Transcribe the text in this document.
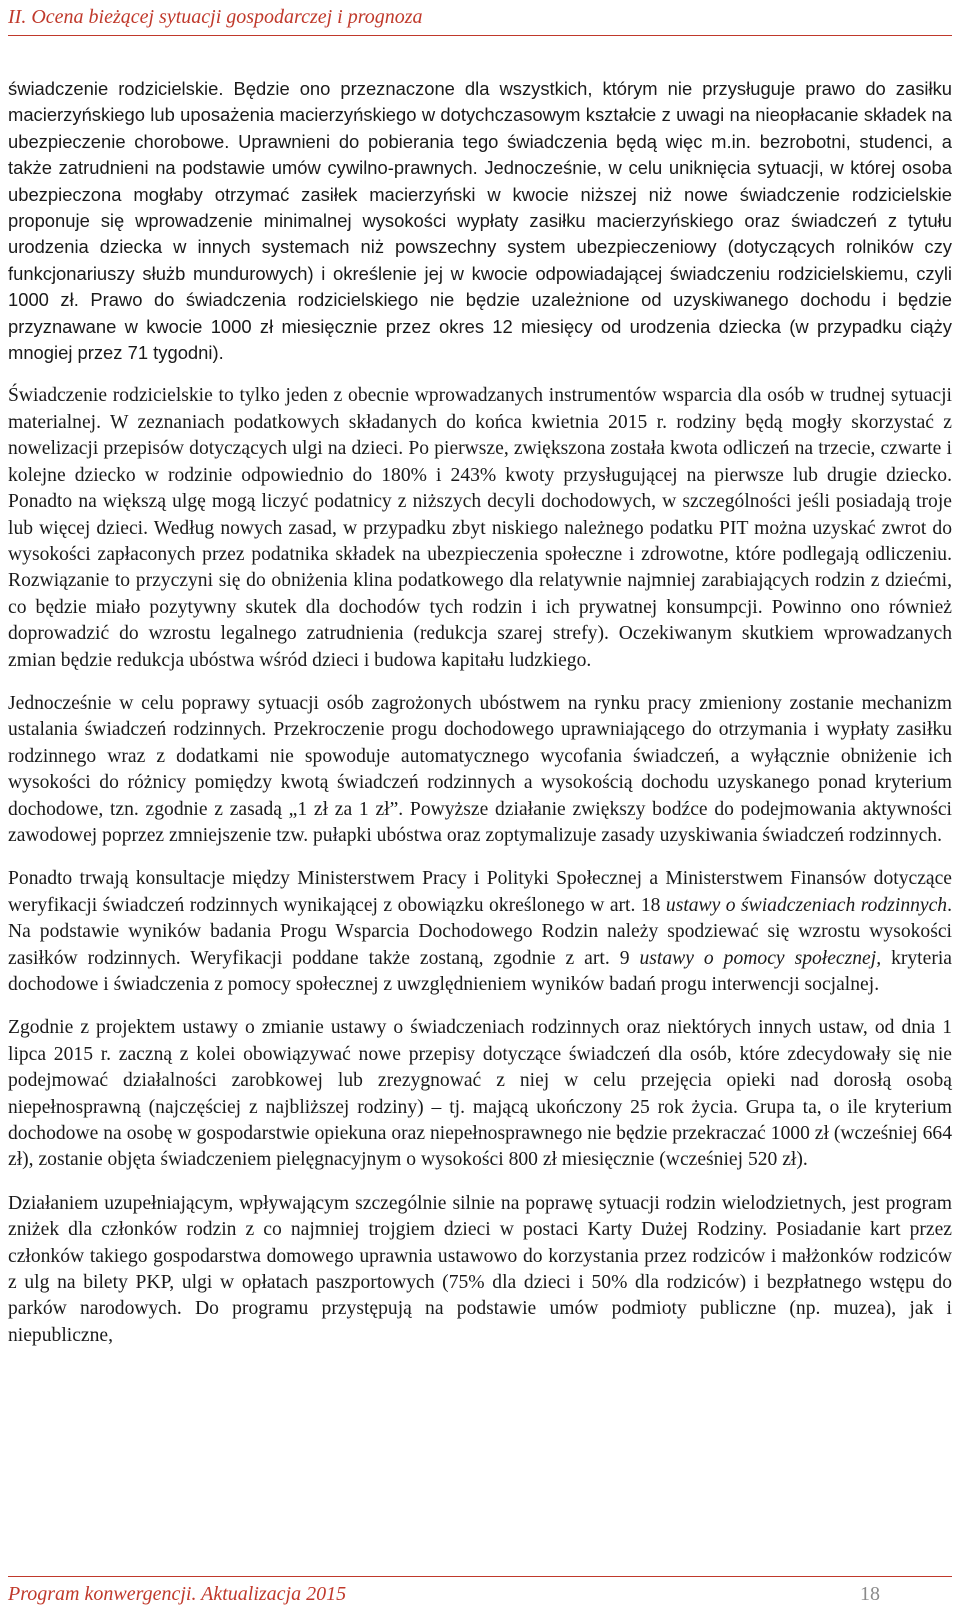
II. Ocena bieżącej sytuacji gospodarczej i prognoza

świadczenie rodzicielskie. Będzie ono przeznaczone dla wszystkich, którym nie przysługuje prawo do zasiłku macierzyńskiego lub uposażenia macierzyńskiego w dotychczasowym kształcie z uwagi na nieopłacanie składek na ubezpieczenie chorobowe. Uprawnieni do pobierania tego świadczenia będą więc m.in. bezrobotni, studenci, a także zatrudnieni na podstawie umów cywilno-prawnych. Jednocześnie, w celu uniknięcia sytuacji, w której osoba ubezpieczona mogłaby otrzymać zasiłek macierzyński w kwocie niższej niż nowe świadczenie rodzicielskie proponuje się wprowadzenie minimalnej wysokości wypłaty zasiłku macierzyńskiego oraz świadczeń z tytułu urodzenia dziecka w innych systemach niż powszechny system ubezpieczeniowy (dotyczących rolników czy funkcjonariuszy służb mundurowych) i określenie jej w kwocie odpowiadającej świadczeniu rodzicielskiemu, czyli 1000 zł. Prawo do świadczenia rodzicielskiego nie będzie uzależnione od uzyskiwanego dochodu i będzie przyznawane w kwocie 1000 zł miesięcznie przez okres 12 miesięcy od urodzenia dziecka (w przypadku ciąży mnogiej przez 71 tygodni).

Świadczenie rodzicielskie to tylko jeden z obecnie wprowadzanych instrumentów wsparcia dla osób w trudnej sytuacji materialnej. W zeznaniach podatkowych składanych do końca kwietnia 2015 r. rodziny będą mogły skorzystać z nowelizacji przepisów dotyczących ulgi na dzieci. Po pierwsze, zwiększona została kwota odliczeń na trzecie, czwarte i kolejne dziecko w rodzinie odpowiednio do 180% i 243% kwoty przysługującej na pierwsze lub drugie dziecko. Ponadto na większą ulgę mogą liczyć podatnicy z niższych decyli dochodowych, w szczególności jeśli posiadają troje lub więcej dzieci. Według nowych zasad, w przypadku zbyt niskiego należnego podatku PIT można uzyskać zwrot do wysokości zapłaconych przez podatnika składek na ubezpieczenia społeczne i zdrowotne, które podlegają odliczeniu. Rozwiązanie to przyczyni się do obniżenia klina podatkowego dla relatywnie najmniej zarabiających rodzin z dziećmi, co będzie miało pozytywny skutek dla dochodów tych rodzin i ich prywatnej konsumpcji. Powinno ono również doprowadzić do wzrostu legalnego zatrudnienia (redukcja szarej strefy). Oczekiwanym skutkiem wprowadzanych zmian będzie redukcja ubóstwa wśród dzieci i budowa kapitału ludzkiego.

Jednocześnie w celu poprawy sytuacji osób zagrożonych ubóstwem na rynku pracy zmieniony zostanie mechanizm ustalania świadczeń rodzinnych. Przekroczenie progu dochodowego uprawniającego do otrzymania i wypłaty zasiłku rodzinnego wraz z dodatkami nie spowoduje automatycznego wycofania świadczeń, a wyłącznie obniżenie ich wysokości do różnicy pomiędzy kwotą świadczeń rodzinnych a wysokością dochodu uzyskanego ponad kryterium dochodowe, tzn. zgodnie z zasadą „1 zł za 1 zł”. Powyższe działanie zwiększy bodźce do podejmowania aktywności zawodowej poprzez zmniejszenie tzw. pułapki ubóstwa oraz zoptymalizuje zasady uzyskiwania świadczeń rodzinnych.

Ponadto trwają konsultacje między Ministerstwem Pracy i Polityki Społecznej a Ministerstwem Finansów dotyczące weryfikacji świadczeń rodzinnych wynikającej z obowiązku określonego w art. 18 ustawy o świadczeniach rodzinnych. Na podstawie wyników badania Progu Wsparcia Dochodowego Rodzin należy spodziewać się wzrostu wysokości zasiłków rodzinnych. Weryfikacji poddane także zostaną, zgodnie z art. 9 ustawy o pomocy społecznej, kryteria dochodowe i świadczenia z pomocy społecznej z uwzględnieniem wyników badań progu interwencji socjalnej.

Zgodnie z projektem ustawy o zmianie ustawy o świadczeniach rodzinnych oraz niektórych innych ustaw, od dnia 1 lipca 2015 r. zaczną z kolei obowiązywać nowe przepisy dotyczące świadczeń dla osób, które zdecydowały się nie podejmować działalności zarobkowej lub zrezygnować z niej w celu przejęcia opieki nad dorosłą osobą niepełnosprawną (najczęściej z najbliższej rodziny) – tj. mającą ukończony 25 rok życia. Grupa ta, o ile kryterium dochodowe na osobę w gospodarstwie opiekuna oraz niepełnosprawnego nie będzie przekraczać 1000 zł (wcześniej 664 zł), zostanie objęta świadczeniem pielęgnacyjnym o wysokości 800 zł miesięcznie (wcześniej 520 zł).

Działaniem uzupełniającym, wpływającym szczególnie silnie na poprawę sytuacji rodzin wielodzietnych, jest program zniżek dla członków rodzin z co najmniej trojgiem dzieci w postaci Karty Dużej Rodziny. Posiadanie kart przez członków takiego gospodarstwa domowego uprawnia ustawowo do korzystania przez rodziców i małżonków rodziców z ulg na bilety PKP, ulgi w opłatach paszportowych (75% dla dzieci i 50% dla rodziców) i bezpłatnego wstępu do parków narodowych. Do programu przystępują na podstawie umów podmioty publiczne (np. muzea), jak i niepubliczne,

Program konwergencji. Aktualizacja 2015	18
